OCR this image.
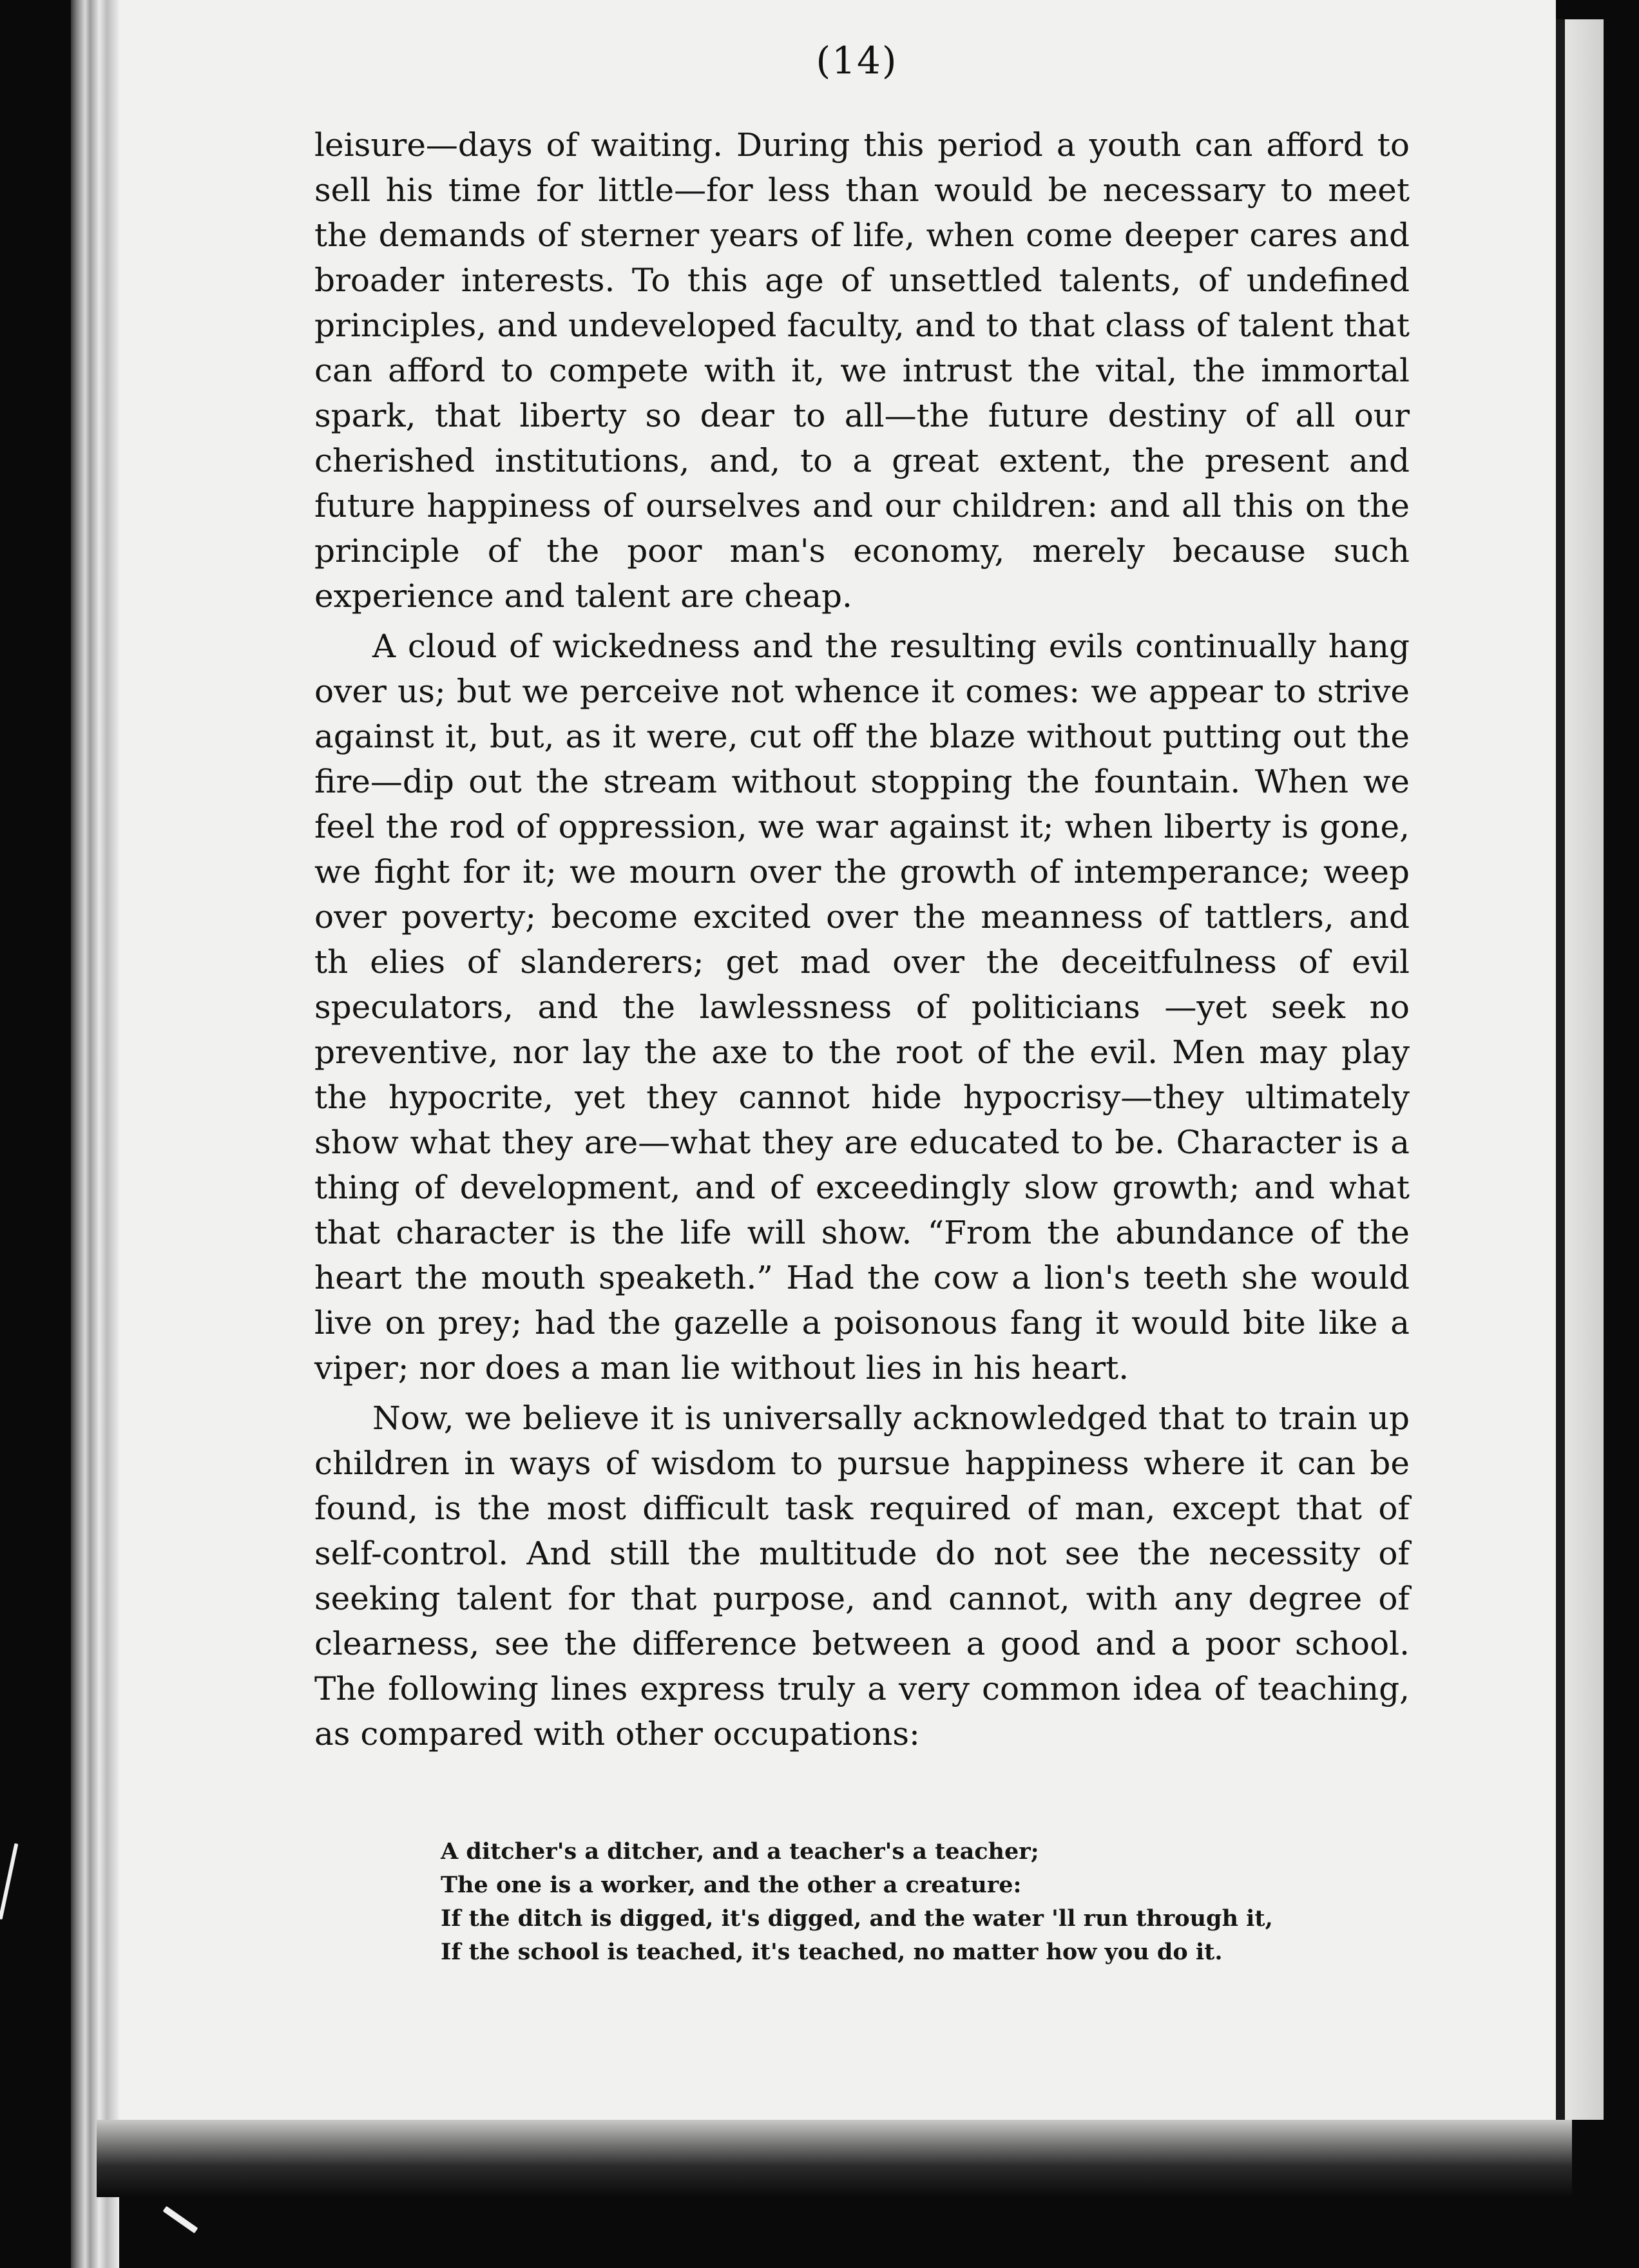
(14)

leisure—days of waiting. During this period a youth can afford to sell his time for little—for less than would be necessary to meet the demands of sterner years of life, when come deeper cares and broader interests. To this age of unsettled talents, of undefined principles, and undeveloped faculty, and to that class of talent that can afford to compete with it, we intrust the vital, the immortal spark, that liberty so dear to all—the future destiny of all our cherished institutions, and, to a great extent, the present and future happiness of ourselves and our children: and all this on the principle of the poor man's economy, merely because such experience and talent are cheap.

A cloud of wickedness and the resulting evils continually hang over us; but we perceive not whence it comes: we appear to strive against it, but, as it were, cut off the blaze without putting out the fire—dip out the stream without stopping the fountain. When we feel the rod of oppression, we war against it; when liberty is gone, we fight for it; we mourn over the growth of intemperance; weep over poverty; become excited over the meanness of tattlers, and th elies of slanderers; get mad over the deceitfulness of evil speculators, and the lawlessness of politicians —yet seek no preventive, nor lay the axe to the root of the evil. Men may play the hypocrite, yet they cannot hide hypocrisy—they ultimately show what they are—what they are educated to be. Character is a thing of development, and of exceedingly slow growth; and what that character is the life will show. “From the abundance of the heart the mouth speaketh.” Had the cow a lion's teeth she would live on prey; had the gazelle a poisonous fang it would bite like a viper; nor does a man lie without lies in his heart.

Now, we believe it is universally acknowledged that to train up children in ways of wisdom to pursue happiness where it can be found, is the most difficult task required of man, except that of self-control. And still the multitude do not see the necessity of seeking talent for that purpose, and cannot, with any degree of clearness, see the difference between a good and a poor school. The following lines express truly a very common idea of teaching, as compared with other occupations:

A ditcher's a ditcher, and a teacher's a teacher;
The one is a worker, and the other a creature:
If the ditch is digged, it's digged, and the water 'll run through it,
If the school is teached, it's teached, no matter how you do it.
